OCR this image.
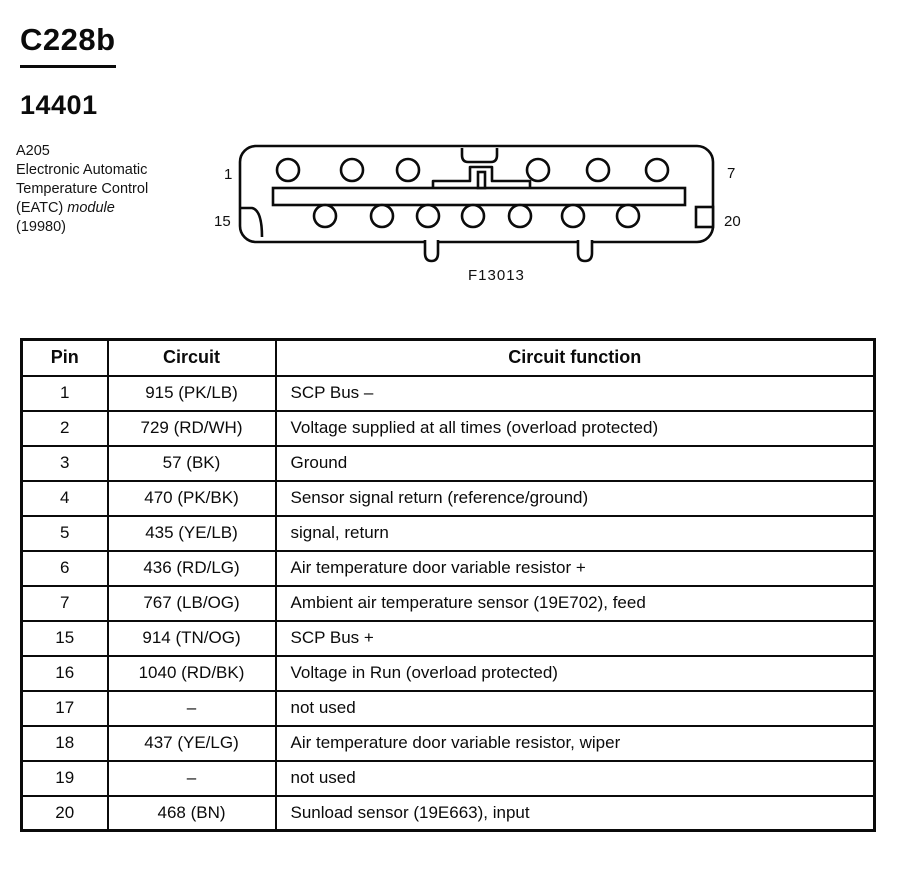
C228b
14401
A205
Electronic Automatic
Temperature Control
(EATC) module
(19980)
1	7
15	20
F13013
Pin	Circuit	Circuit function
1	915 (PK/LB)	SCP Bus –
2	729 (RD/WH)	Voltage supplied at all times (overload protected)
3	57 (BK)	Ground
4	470 (PK/BK)	Sensor signal return (reference/ground)
5	435 (YE/LB)	signal, return
6	436 (RD/LG)	Air temperature door variable resistor +
7	767 (LB/OG)	Ambient air temperature sensor (19E702), feed
15	914 (TN/OG)	SCP Bus +
16	1040 (RD/BK)	Voltage in Run (overload protected)
17	–	not used
18	437 (YE/LG)	Air temperature door variable resistor, wiper
19	–	not used
20	468 (BN)	Sunload sensor (19E663), input
